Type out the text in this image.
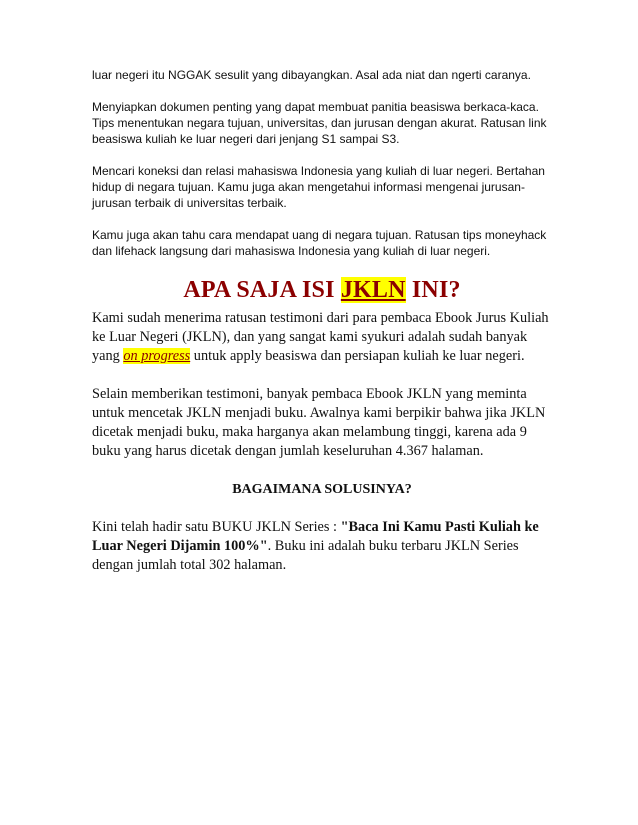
luar negeri itu NGGAK sesulit yang dibayangkan. Asal ada niat dan ngerti caranya.

Menyiapkan dokumen penting yang dapat membuat panitia beasiswa berkaca-kaca. Tips menentukan negara tujuan, universitas, dan jurusan dengan akurat. Ratusan link beasiswa kuliah ke luar negeri dari jenjang S1 sampai S3.

Mencari koneksi dan relasi mahasiswa Indonesia yang kuliah di luar negeri. Bertahan hidup di negara tujuan. Kamu juga akan mengetahui informasi mengenai jurusan-jurusan terbaik di universitas terbaik.

Kamu juga akan tahu cara mendapat uang di negara tujuan. Ratusan tips moneyhack dan lifehack langsung dari mahasiswa Indonesia yang kuliah di luar negeri.

APA SAJA ISI JKLN INI?

Kami sudah menerima ratusan testimoni dari para pembaca Ebook Jurus Kuliah ke Luar Negeri (JKLN), dan yang sangat kami syukuri adalah sudah banyak yang on progress untuk apply beasiswa dan persiapan kuliah ke luar negeri.

Selain memberikan testimoni, banyak pembaca Ebook JKLN yang meminta untuk mencetak JKLN menjadi buku. Awalnya kami berpikir bahwa jika JKLN dicetak menjadi buku, maka harganya akan melambung tinggi, karena ada 9 buku yang harus dicetak dengan jumlah keseluruhan 4.367 halaman.

BAGAIMANA SOLUSINYA?

Kini telah hadir satu BUKU JKLN Series : "Baca Ini Kamu Pasti Kuliah ke Luar Negeri Dijamin 100%". Buku ini adalah buku terbaru JKLN Series dengan jumlah total 302 halaman.
